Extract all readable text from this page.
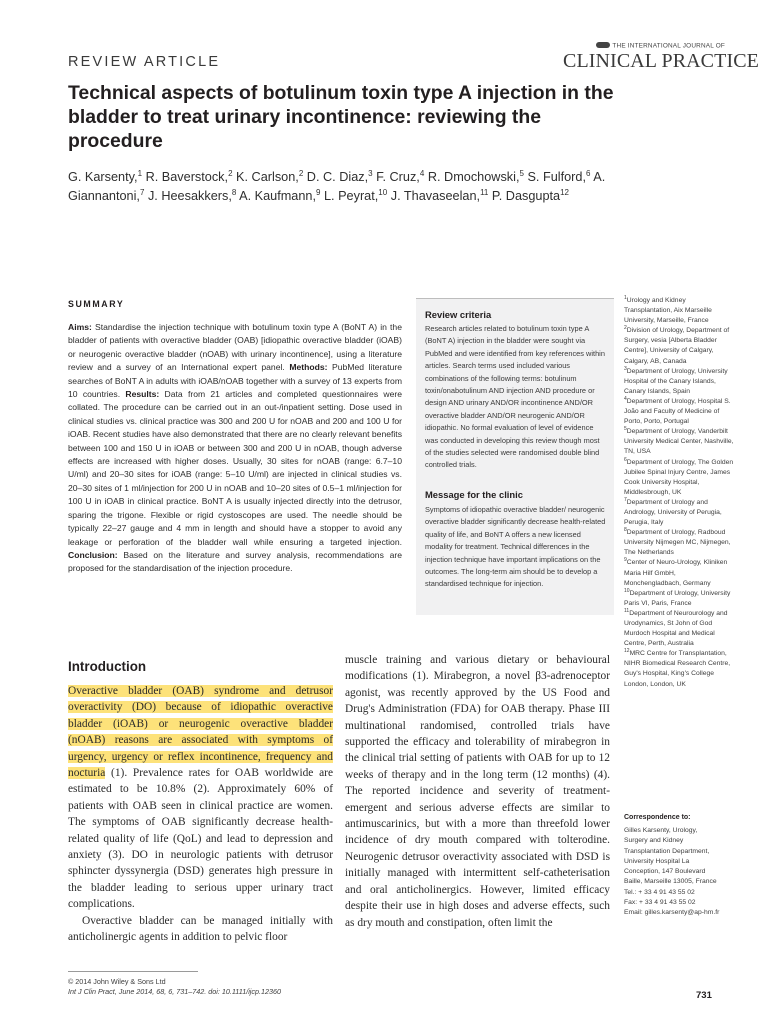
REVIEW ARTICLE
THE INTERNATIONAL JOURNAL OF
CLINICAL PRACTICE
Technical aspects of botulinum toxin type A injection in the bladder to treat urinary incontinence: reviewing the procedure
G. Karsenty,$^1$ R. Baverstock,$^2$ K. Carlson,$^2$ D. C. Diaz,$^3$ F. Cruz,$^4$ R. Dmochowski,$^5$ S. Fulford,$^6$ A. Giannantoni,$^7$ J. Heesakkers,$^8$ A. Kaufmann,$^9$ L. Peyrat,$^{10}$ J. Thavaseelan,$^{11}$ P. Dasgupta$^{12}$
SUMMARY
Aims: Standardise the injection technique with botulinum toxin type A (BoNT A) in the bladder of patients with overactive bladder (OAB) [idiopathic overactive bladder (iOAB) or neurogenic overactive bladder (nOAB) with urinary incontinence], using a literature review and a survey of an International expert panel. Methods: PubMed literature searches of BoNT A in adults with iOAB/nOAB together with a survey of 13 experts from 10 countries. Results: Data from 21 articles and completed questionnaires were collated. The procedure can be carried out in an out-/inpatient setting. Dose used in clinical studies vs. clinical practice was 300 and 200 U for nOAB and 200 and 100 U for iOAB. Recent studies have also demonstrated that there are no clearly relevant benefits between 100 and 150 U in iOAB or between 300 and 200 U in nOAB, though adverse effects are increased with higher doses. Usually, 30 sites for nOAB (range: 6.7–10 U/ml) and 20–30 sites for iOAB (range: 5–10 U/ml) are injected in clinical studies vs. 20–30 sites of 1 ml/injection for 200 U in nOAB and 10–20 sites of 0.5–1 ml/injection for 100 U in iOAB in clinical practice. BoNT A is usually injected directly into the detrusor, sparing the trigone. Flexible or rigid cystoscopes are used. The needle should be typically 22–27 gauge and 4 mm in length and should have a stopper to avoid any leakage or perforation of the bladder wall while ensuring a targeted injection. Conclusion: Based on the literature and survey analysis, recommendations are proposed for the standardisation of the injection procedure.
Review criteria

Research articles related to botulinum toxin type A (BoNT A) injection in the bladder were sought via PubMed and were identified from key references within articles. Search terms used included various combinations of the following terms: botulinum toxin/onabotulinum AND injection AND procedure or design AND urinary AND/OR incontinence AND/OR overactive bladder AND/OR neurogenic AND/OR idiopathic. No formal evaluation of level of evidence was conducted in developing this review though most of the studies selected were randomised double blind controlled trials.

Message for the clinic

Symptoms of idiopathic overactive bladder/ neurogenic overactive bladder significantly decrease health-related quality of life, and BoNT A offers a new licensed modality for treatment. Technical differences in the injection technique have important implications on the outcomes. The long-term aim should be to develop a standardised technique for injection.

$^1$Urology and Kidney Transplantation, Aix Marseille University, Marseille, France
$^2$Division of Urology, Department of Surgery, vesia [Alberta Bladder Centre], University of Calgary, Calgary, AB, Canada
$^3$Department of Urology, University Hospital of the Canary Islands, Canary Islands, Spain
$^4$Department of Urology, Hospital S. João and Faculty of Medicine of Porto, Porto, Portugal
$^5$Department of Urology, Vanderbilt University Medical Center, Nashville, TN, USA
$^6$Department of Urology, The Golden Jubilee Spinal Injury Centre, James Cook University Hospital, Middlesbrough, UK
$^7$Department of Urology and Andrology, University of Perugia, Perugia, Italy
$^8$Department of Urology, Radboud University Nijmegen MC, Nijmegen, The Netherlands
$^9$Center of Neuro-Urology, Kliniken Maria Hilf GmbH, Monchengladbach, Germany
$^{10}$Department of Urology, University Paris VI, Paris, France
$^{11}$Department of Neurourology and Urodynamics, St John of God Murdoch Hospital and Medical Centre, Perth, Australia
$^{12}$MRC Centre for Transplantation, NIHR Biomedical Research Centre, Guy's Hospital, King's College London, London, UK
Correspondence to:
Gilles Karsenty, Urology,
Surgery and Kidney
Transplantation Department,
University Hospital La
Conception, 147 Boulevard
Baille, Marseille 13005, France
Tel.: + 33 4 91 43 55 02
Fax: + 33 4 91 43 55 02
Email: gilles.karsenty@ap-hm.fr
Introduction

Overactive bladder (OAB) syndrome and detrusor overactivity (DO) because of idiopathic overactive bladder (iOAB) or neurogenic overactive bladder (nOAB) reasons are associated with symptoms of urgency, urgency or reflex incontinence, frequency and nocturia (1). Prevalence rates for OAB worldwide are estimated to be 10.8% (2). Approximately 60% of patients with OAB seen in clinical practice are women. The symptoms of OAB significantly decrease health-related quality of life (QoL) and lead to depression and anxiety (3). DO in neurologic patients with detrusor sphincter dyssynergia (DSD) generates high pressure in the bladder leading to serious upper urinary tract complications.

Overactive bladder can be managed initially with anticholinergic agents in addition to pelvic floor

muscle training and various dietary or behavioural modifications (1). Mirabegron, a novel β3-adrenoceptor agonist, was recently approved by the US Food and Drug's Administration (FDA) for OAB therapy. Phase III multinational randomised, controlled trials have supported the efficacy and tolerability of mirabegron in the clinical trial setting of patients with OAB for up to 12 weeks of therapy and in the long term (12 months) (4). The reported incidence and severity of treatment-emergent and serious adverse effects are similar to antimuscarinics, but with a more than threefold lower incidence of dry mouth compared with tolterodine. Neurogenic detrusor overactivity associated with DSD is initially managed with intermittent self-catheterisation and oral anticholinergics. However, limited efficacy despite their use in high doses and adverse effects, such as dry mouth and constipation, often limit the

© 2014 John Wiley & Sons Ltd
Int J Clin Pract, June 2014, 68, 6, 731–742. doi: 10.1111/ijcp.12360	731
